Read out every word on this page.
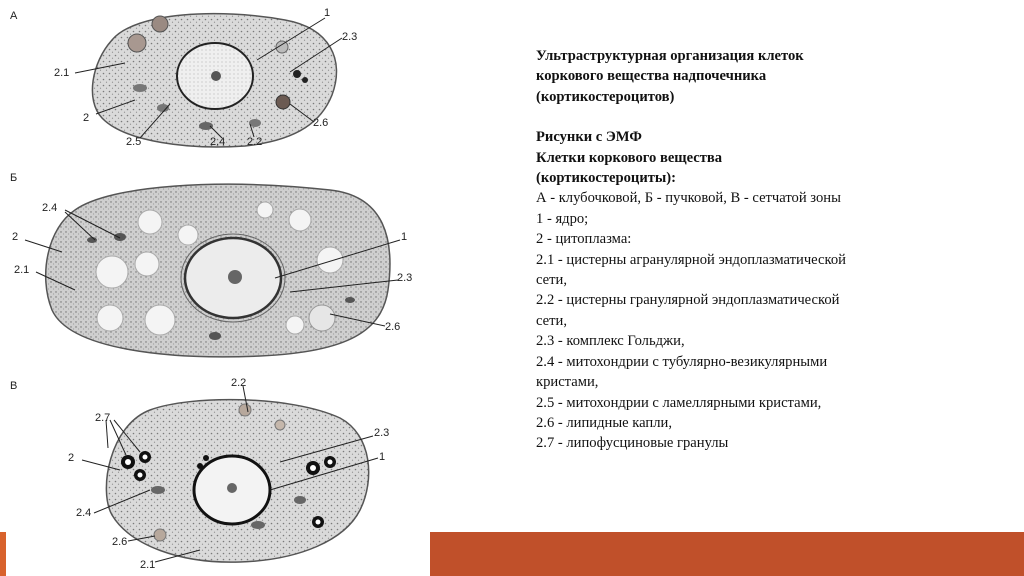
А
Б
В
1
2.3
2.1
2	2.6
2.5	2.4 2.2
2.4
2	1
2.1
2.3
2.6
2.2
2.7
2.3
2	1
2.4
2.6
2.1
Ультраструктурная организация клеток
коркового вещества надпочечника
(кортикостероцитов)
Рисунки с ЭМФ
Клетки коркового вещества
(кортикостероциты):
А - клубочковой, Б - пучковой, В - сетчатой зоны
1 - ядро;
2 - цитоплазма:
2.1 - цистерны агранулярной эндоплазматической
сети,
2.2 - цистерны гранулярной эндоплазматической
сети,
2.3 - комплекс Гольджи,
2.4 - митохондрии с тубулярно-везикулярными
кристами,
2.5 - митохондрии с ламеллярными кристами,
2.6 - липидные капли,
2.7 - липофусциновые гранулы
